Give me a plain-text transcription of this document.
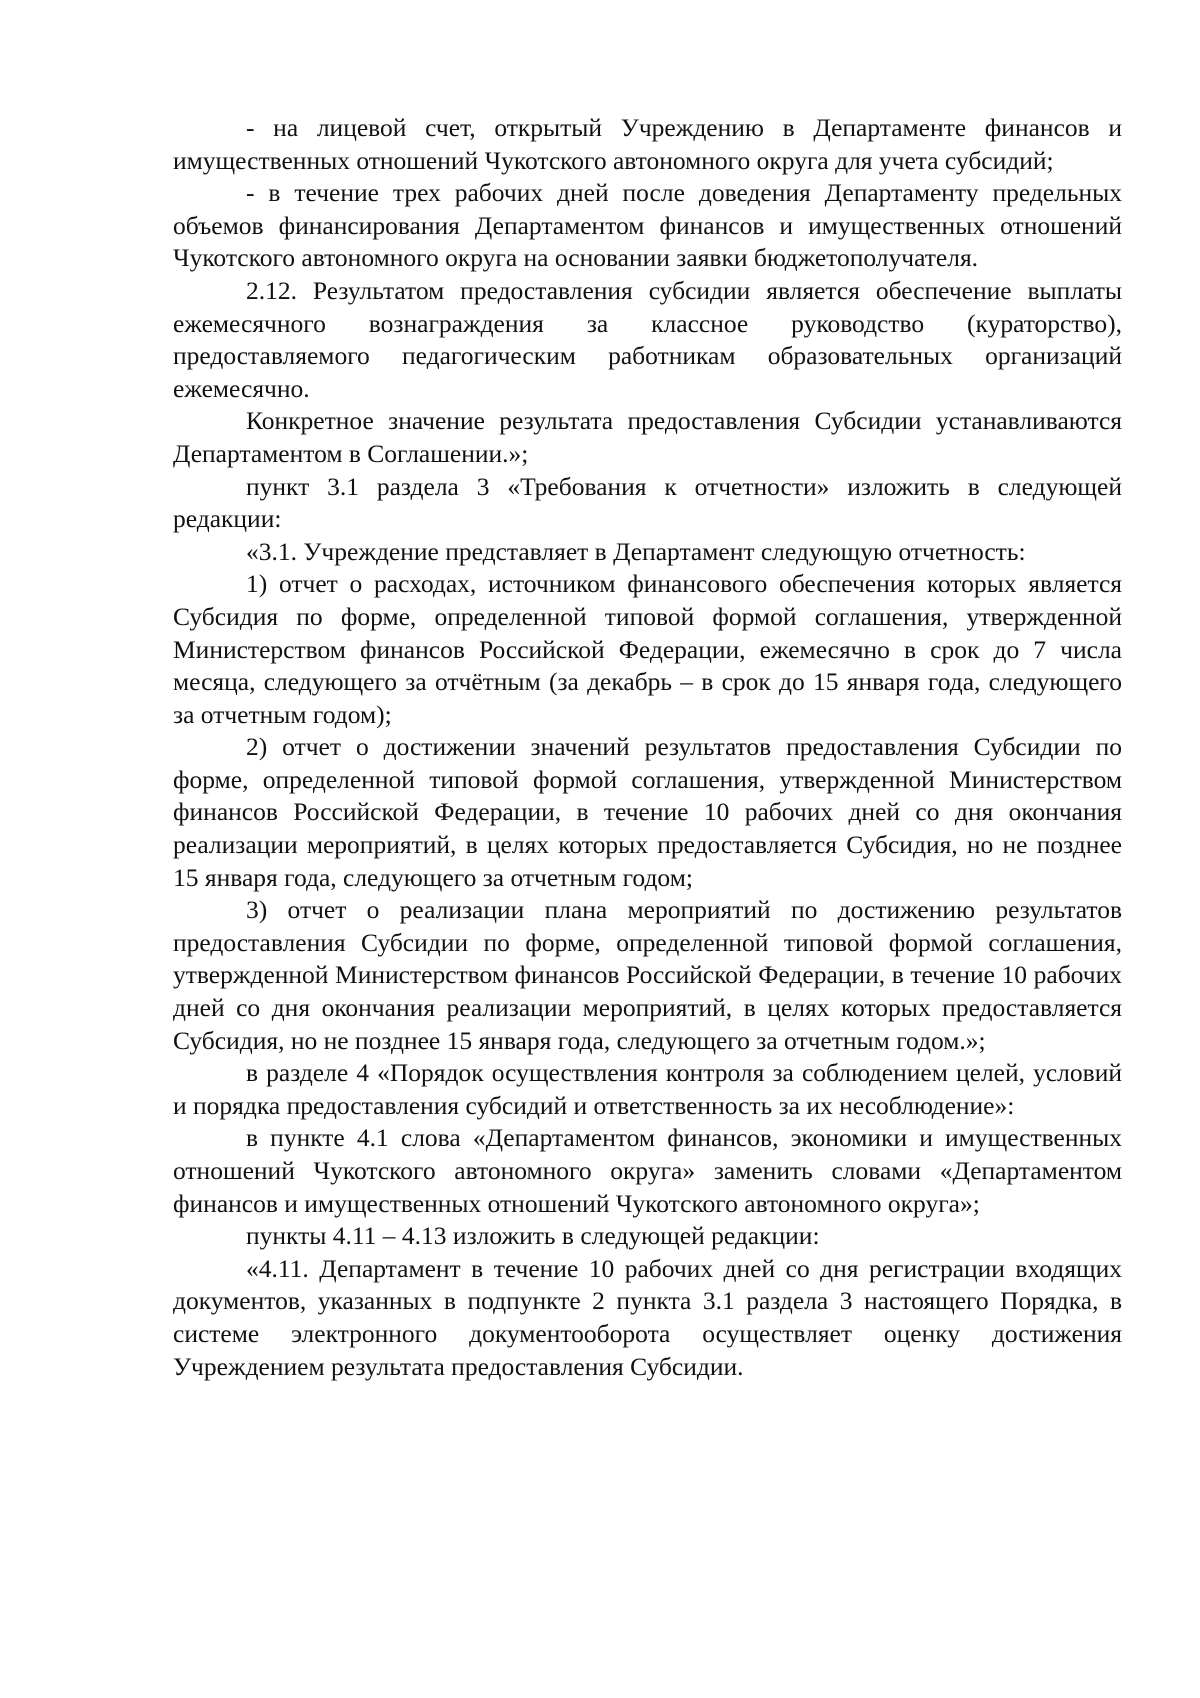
- на лицевой счет, открытый Учреждению в Департаменте финансов и имущественных отношений Чукотского автономного округа для учета субсидий;

- в течение трех рабочих дней после доведения Департаменту предельных объемов финансирования Департаментом финансов и имущественных отношений Чукотского автономного округа на основании заявки бюджетополучателя.

2.12. Результатом предоставления субсидии является обеспечение выплаты ежемесячного вознаграждения за классное руководство (кураторство), предоставляемого педагогическим работникам образовательных организаций ежемесячно.

Конкретное значение результата предоставления Субсидии устанавливаются Департаментом в Соглашении.»;

пункт 3.1 раздела 3 «Требования к отчетности» изложить в следующей редакции:

«3.1. Учреждение представляет в Департамент следующую отчетность:

1) отчет о расходах, источником финансового обеспечения которых является Субсидия по форме, определенной типовой формой соглашения, утвержденной Министерством финансов Российской Федерации, ежемесячно в срок до 7 числа месяца, следующего за отчётным (за декабрь – в срок до 15 января года, следующего за отчетным годом);

2) отчет о достижении значений результатов предоставления Субсидии по форме, определенной типовой формой соглашения, утвержденной Министерством финансов Российской Федерации, в течение 10 рабочих дней со дня окончания реализации мероприятий, в целях которых предоставляется Субсидия, но не позднее 15 января года, следующего за отчетным годом;

3) отчет о реализации плана мероприятий по достижению результатов предоставления Субсидии по форме, определенной типовой формой соглашения, утвержденной Министерством финансов Российской Федерации, в течение 10 рабочих дней со дня окончания реализации мероприятий, в целях которых предоставляется Субсидия, но не позднее 15 января года, следующего за отчетным годом.»;

в разделе 4 «Порядок осуществления контроля за соблюдением целей, условий и порядка предоставления субсидий и ответственность за их несоблюдение»:

в пункте 4.1 слова «Департаментом финансов, экономики и имущественных отношений Чукотского автономного округа» заменить словами «Департаментом финансов и имущественных отношений Чукотского автономного округа»;

пункты 4.11 – 4.13 изложить в следующей редакции:

«4.11. Департамент в течение 10 рабочих дней со дня регистрации входящих документов, указанных в подпункте 2 пункта 3.1 раздела 3 настоящего Порядка, в системе электронного документооборота осуществляет оценку достижения Учреждением результата предоставления Субсидии.
